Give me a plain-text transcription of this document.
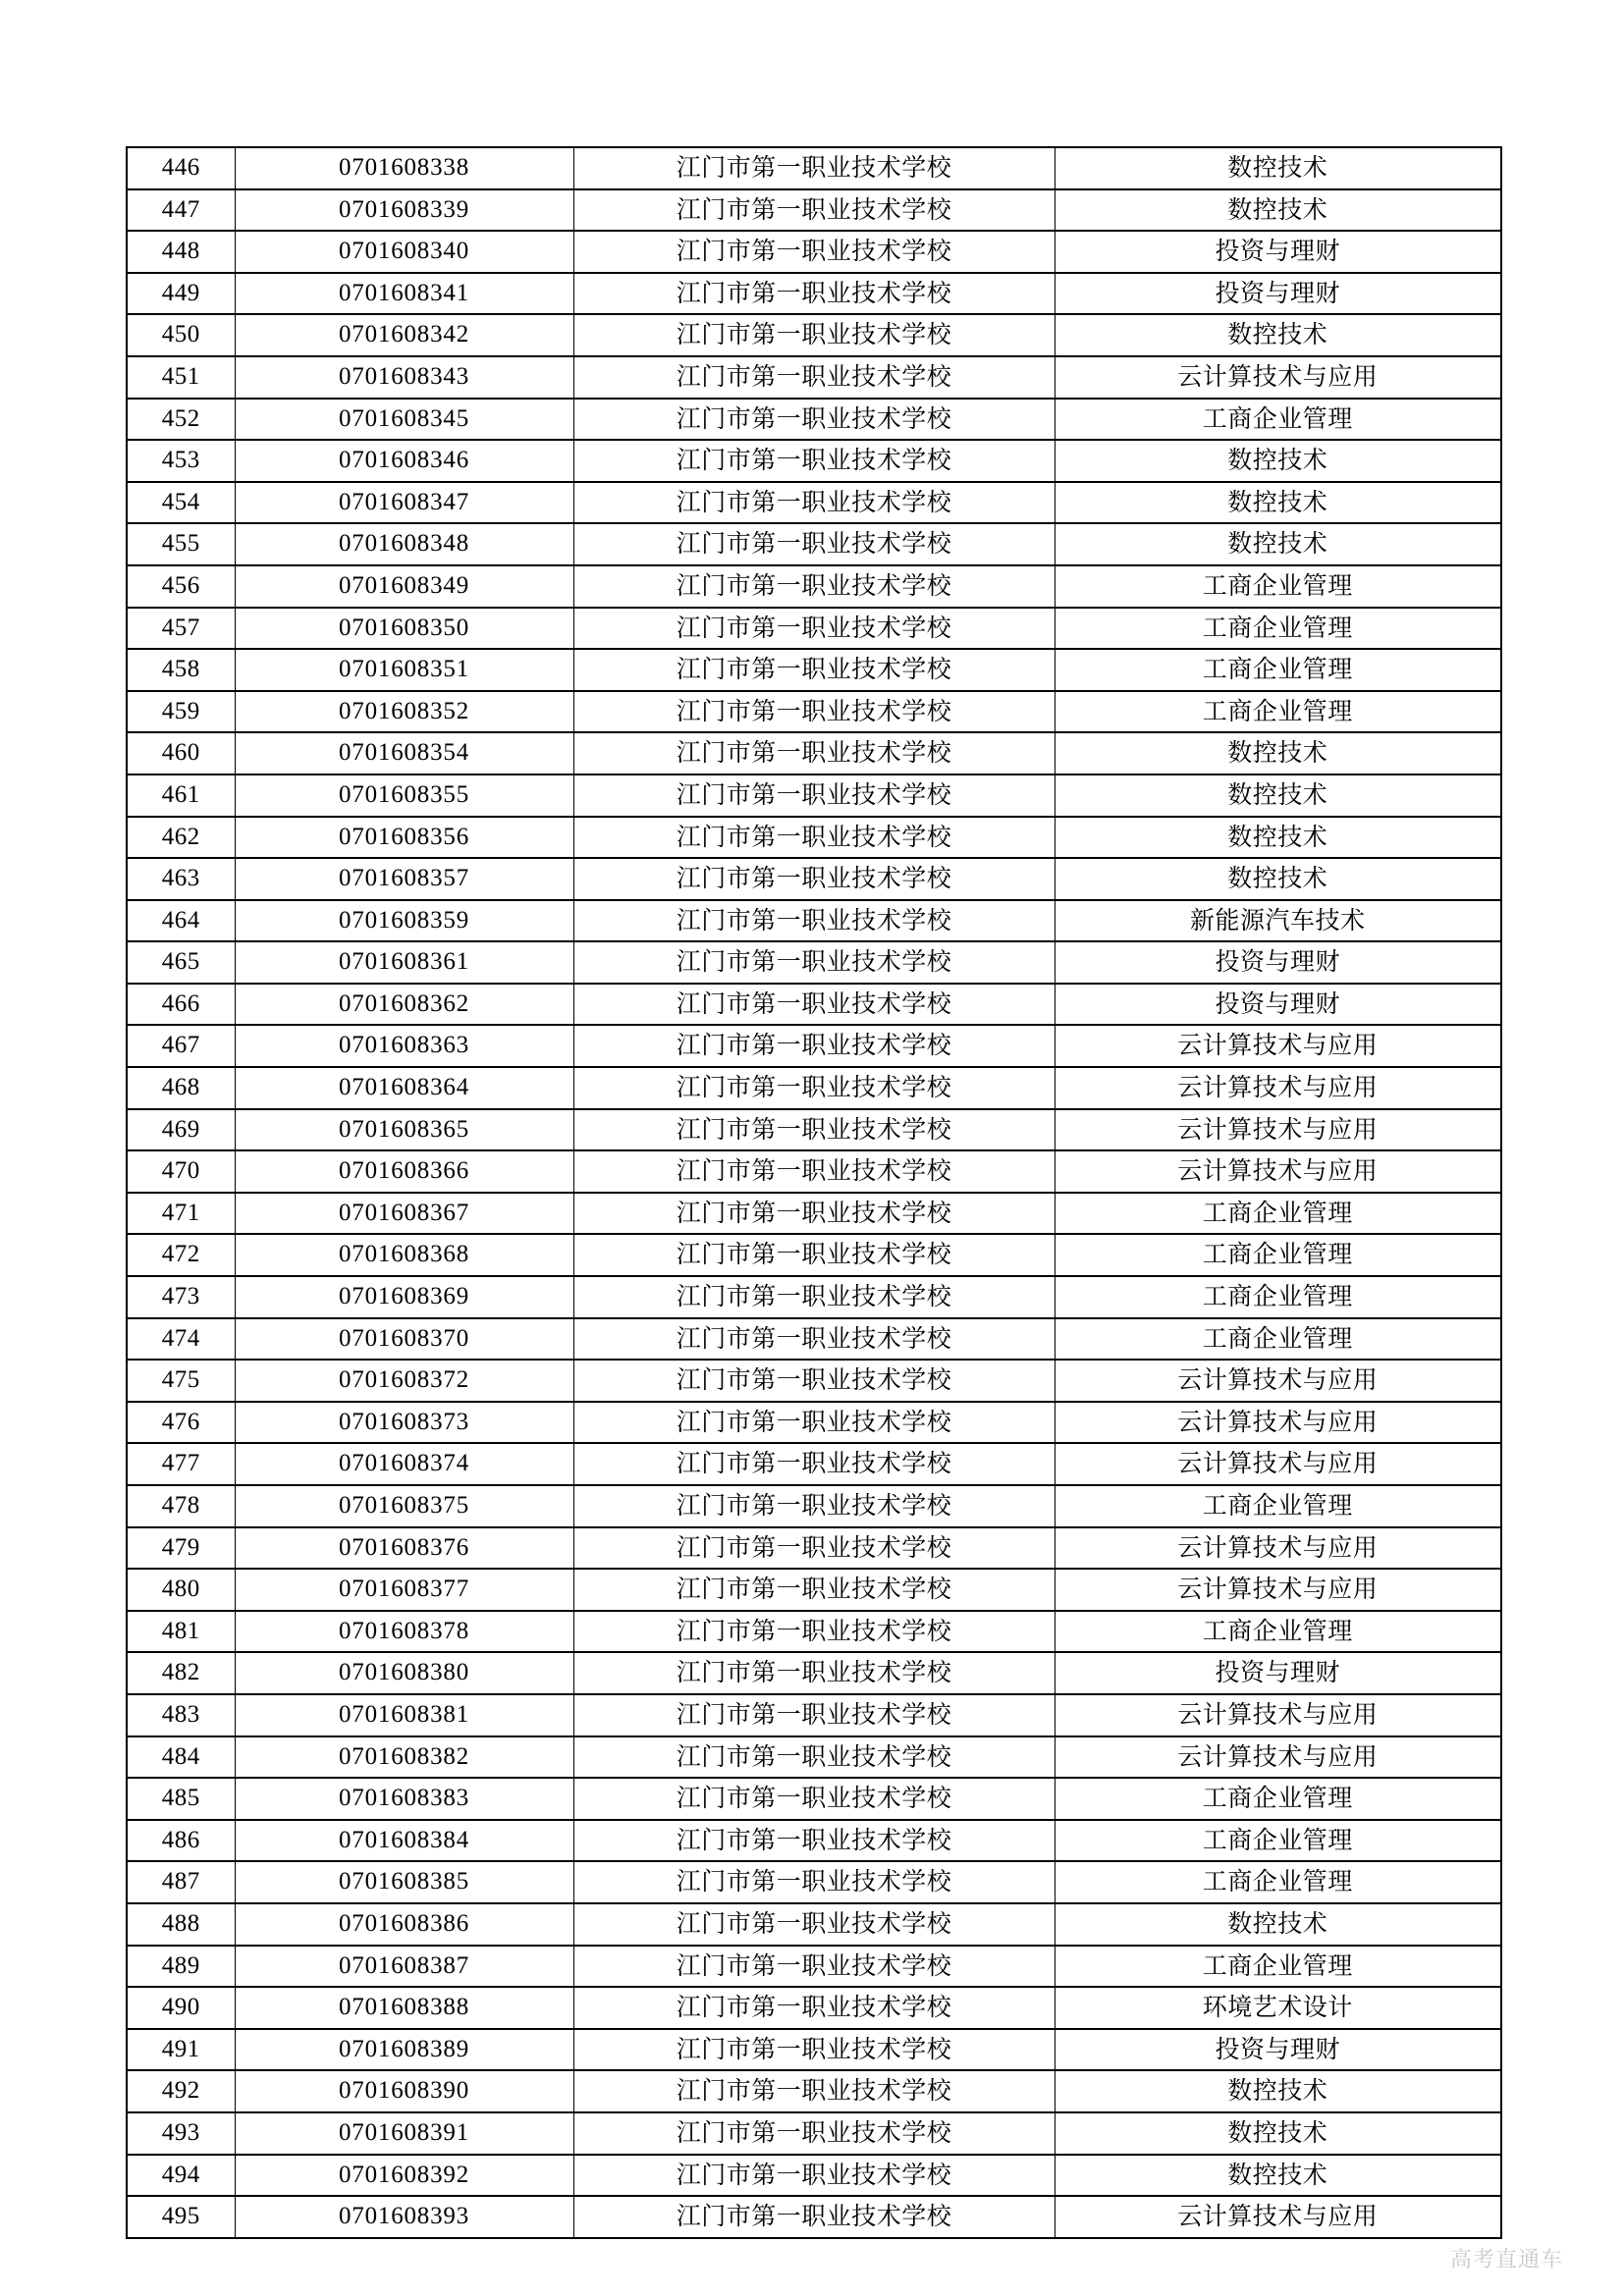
446	0701608338	江门市第一职业技术学校	数控技术
447	0701608339	江门市第一职业技术学校	数控技术
448	0701608340	江门市第一职业技术学校	投资与理财
449	0701608341	江门市第一职业技术学校	投资与理财
450	0701608342	江门市第一职业技术学校	数控技术
451	0701608343	江门市第一职业技术学校	云计算技术与应用
452	0701608345	江门市第一职业技术学校	工商企业管理
453	0701608346	江门市第一职业技术学校	数控技术
454	0701608347	江门市第一职业技术学校	数控技术
455	0701608348	江门市第一职业技术学校	数控技术
456	0701608349	江门市第一职业技术学校	工商企业管理
457	0701608350	江门市第一职业技术学校	工商企业管理
458	0701608351	江门市第一职业技术学校	工商企业管理
459	0701608352	江门市第一职业技术学校	工商企业管理
460	0701608354	江门市第一职业技术学校	数控技术
461	0701608355	江门市第一职业技术学校	数控技术
462	0701608356	江门市第一职业技术学校	数控技术
463	0701608357	江门市第一职业技术学校	数控技术
464	0701608359	江门市第一职业技术学校	新能源汽车技术
465	0701608361	江门市第一职业技术学校	投资与理财
466	0701608362	江门市第一职业技术学校	投资与理财
467	0701608363	江门市第一职业技术学校	云计算技术与应用
468	0701608364	江门市第一职业技术学校	云计算技术与应用
469	0701608365	江门市第一职业技术学校	云计算技术与应用
470	0701608366	江门市第一职业技术学校	云计算技术与应用
471	0701608367	江门市第一职业技术学校	工商企业管理
472	0701608368	江门市第一职业技术学校	工商企业管理
473	0701608369	江门市第一职业技术学校	工商企业管理
474	0701608370	江门市第一职业技术学校	工商企业管理
475	0701608372	江门市第一职业技术学校	云计算技术与应用
476	0701608373	江门市第一职业技术学校	云计算技术与应用
477	0701608374	江门市第一职业技术学校	云计算技术与应用
478	0701608375	江门市第一职业技术学校	工商企业管理
479	0701608376	江门市第一职业技术学校	云计算技术与应用
480	0701608377	江门市第一职业技术学校	云计算技术与应用
481	0701608378	江门市第一职业技术学校	工商企业管理
482	0701608380	江门市第一职业技术学校	投资与理财
483	0701608381	江门市第一职业技术学校	云计算技术与应用
484	0701608382	江门市第一职业技术学校	云计算技术与应用
485	0701608383	江门市第一职业技术学校	工商企业管理
486	0701608384	江门市第一职业技术学校	工商企业管理
487	0701608385	江门市第一职业技术学校	工商企业管理
488	0701608386	江门市第一职业技术学校	数控技术
489	0701608387	江门市第一职业技术学校	工商企业管理
490	0701608388	江门市第一职业技术学校	环境艺术设计
491	0701608389	江门市第一职业技术学校	投资与理财
492	0701608390	江门市第一职业技术学校	数控技术
493	0701608391	江门市第一职业技术学校	数控技术
494	0701608392	江门市第一职业技术学校	数控技术
495	0701608393	江门市第一职业技术学校	云计算技术与应用
高考直通车
